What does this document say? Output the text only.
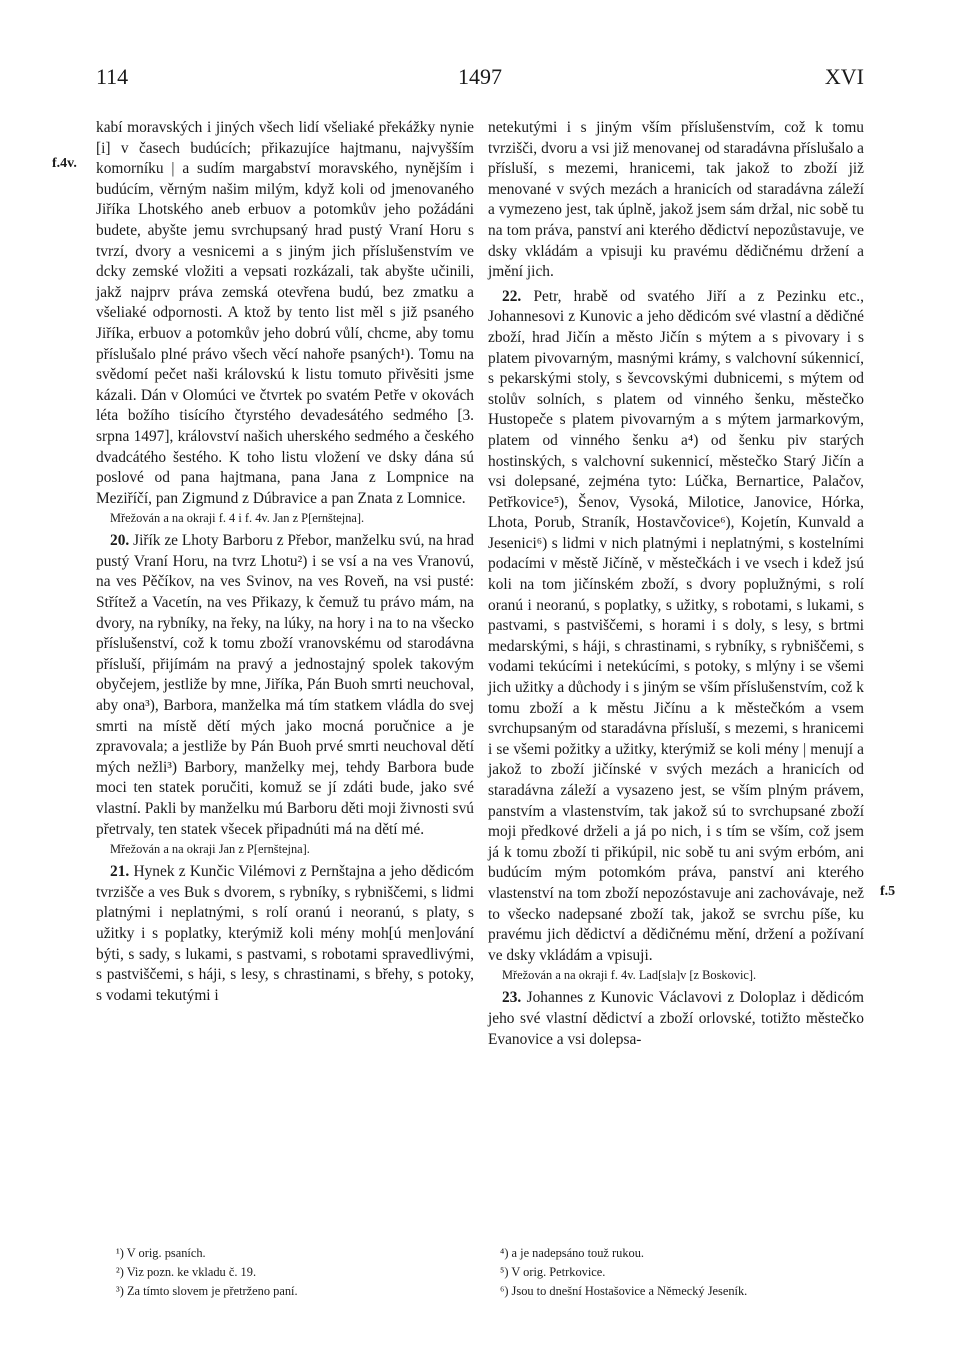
114	1497	XVI
f.4v.
f.5

kabí moravských i jiných všech lidí všeliaké překážky nynie [i] v časech budúcích; přikazujíce hajtmanu, najvyšším komorníku | a sudím margabství moravského, nynějším i budúcím, věrným našim milým, když koli od jmenovaného Jiříka Lhotského aneb erbuov a potomkův jeho požádáni budete, abyšte jemu svrchupsaný hrad pustý Vraní Horu s tvrzí, dvory a vesnicemi a s jiným jich příslušenstvím ve dcky zemské vložiti a vepsati rozkázali, tak abyšte učinili, jakž najprv práva zemská otevřena budú, bez zmatku a všeliaké odpornosti. A ktož by tento list měl s již psaného Jiříka, erbuov a potomkův jeho dobrú vůlí, chcme, aby tomu příslušalo plné právo všech věcí nahoře psaných¹). Tomu na svědomí pečet naši královskú k listu tomuto přivěsiti jsme kázali. Dán v Olomúci ve čtvrtek po svatém Petře v okovách léta božího tisícího čtyrstého devadesátého sedmého [3. srpna 1497], království našich uherského sedmého a českého dvadcátého šestého. K toho listu vložení ve dsky dána sú poslové od pana hajtmana, pana Jana z Lompnice na Meziříčí, pan Zigmund z Dúbravice a pan Znata z Lomnice.

Mřežován a na okraji f. 4 i f. 4v. Jan z P[ernštejna].

20. Jiřík ze Lhoty Barboru z Přebor, manželku svú, na hrad pustý Vraní Horu, na tvrz Lhotu²) i se vsí a na ves Vranovú, na ves Pěčíkov, na ves Svinov, na ves Roveň, na vsi pusté: Střítež a Vacetín, na ves Přikazy, k čemuž tu právo mám, na dvory, na rybníky, na řeky, na lúky, na hory i na to na všecko příslušenství, což k tomu zboží vranovskému od starodávna přísluší, přijímám na pravý a jednostajný spolek takovým obyčejem, jestliže by mne, Jiříka, Pán Buoh smrti neuchoval, aby ona³), Barbora, manželka má tím statkem vládla do svej smrti na místě dětí mých jako mocná poručnice a je zpravovala; a jestliže by Pán Buoh prvé smrti neuchoval dětí mých nežli³) Barbory, manželky mej, tehdy Barbora bude moci ten statek poručiti, komuž se jí zdáti bude, jako své vlastní. Pakli by manželku mú Barboru děti moji živnosti svú přetrvaly, ten statek všecek připadnúti má na dětí mé.

Mřežován a na okraji Jan z P[ernštejna].

21. Hynek z Kunčic Vilémovi z Pernštajna a jeho dědicóm tvrzišče a ves Buk s dvorem, s rybníky, s rybniščemi, s lidmi platnými i neplatnými, s rolí oranú i neoranú, s platy, s užitky i s poplatky, kterýmiž koli mény moh[ú men]ování býti, s sady, s lukami, s pastvami, s robotami spravedlivými, s pastviščemi, s háji, s lesy, s chrastinami, s břehy, s potoky, s vodami tekutými i

netekutými i s jiným vším příslušenstvím, což k tomu tvrzišči, dvoru a vsi již menovanej od staradávna příslušalo a přísluší, s mezemi, hranicemi, tak jakož to zboží již menované v svých mezách a hranicích od staradávna záleží a vymezeno jest, tak úplně, jakož jsem sám držal, nic sobě tu na tom práva, panství ani kterého dědictví nepozůstavuje, ve dsky vkládám a vpisuji ku pravému dědičnému držení a jmění jich.

22. Petr, hrabě od svatého Jiří a z Pezinku etc., Johannesovi z Kunovic a jeho dědicóm své vlastní a dědičné zboží, hrad Jičín a město Jičín s mýtem a s pivovary i s platem pivovarným, masnými krámy, s valchovní súkennicí, s pekarskými stoly, s ševcovskými dubnicemi, s mýtem od stolův solních, s platem od vinného šenku, městečko Hustopeče s platem pivovarným a s mýtem jarmarkovým, platem od vinného šenku a⁴) od šenku piv starých hostinských, s valchovní sukennicí, městečko Starý Jičín a vsi dolepsané, zejména tyto: Lúčka, Bernartice, Palačov, Petřkovice⁵), Šenov, Vysoká, Milotice, Janovice, Hórka, Lhota, Porub, Straník, Hostavčovice⁶), Kojetín, Kunvald a Jesenici⁶) s lidmi v nich platnými i neplatnými, s kostelními podacími v městě Jičíně, v městečkách i ve vsech i kdež jsú koli na tom jičínském zboží, s dvory poplužnými, s rolí oranú i neoranú, s poplatky, s užitky, s robotami, s lukami, s pastvami, s pastviščemi, s horami i s doly, s lesy, s brtmi medarskými, s háji, s chrastinami, s rybníky, s rybniščemi, s vodami tekúcími i netekúcími, s potoky, s mlýny i se všemi jich užitky a důchody i s jiným se vším příslušenstvím, což k tomu zboží a k městu Jičínu a k městečkóm a vsem svrchupsaným od staradávna přísluší, s mezemi, s hranicemi i se všemi požitky a užitky, kterýmiž se koli mény | menují a jakož to zboží jičínské v svých mezách a hranicích od staradávna záleží a vysazeno jest, se vším plným právem, panstvím a vlastenstvím, tak jakož sú to svrchupsané zboží moji předkové drželi a já po nich, i s tím se vším, což jsem já k tomu zboží ti přikúpil, nic sobě tu ani svým erbóm, ani budúcím mým potomkóm práva, panství ani kterého vlastenství na tom zboží nepozóstavuje ani zachovávaje, než to všecko nadepsané zboží tak, jakož se svrchu píše, ku pravému jich dědictví a dědičnému mění, držení a požívaní ve dsky vkládám a vpisuji.

Mřežován a na okraji f. 4v. Lad[sla]v [z Boskovic].

23. Johannes z Kunovic Václavovi z Doloplaz i dědicóm jeho své vlastní dědictví a zboží orlovské, totižto městečko Evanovice a vsi dolepsa-

¹) V orig. psaních.
²) Viz pozn. ke vkladu č. 19.
³) Za tímto slovem je přetrženo paní.
⁴) a je nadepsáno touž rukou.
⁵) V orig. Petrkovice.
⁶) Jsou to dnešní Hostašovice a Německý Jeseník.
